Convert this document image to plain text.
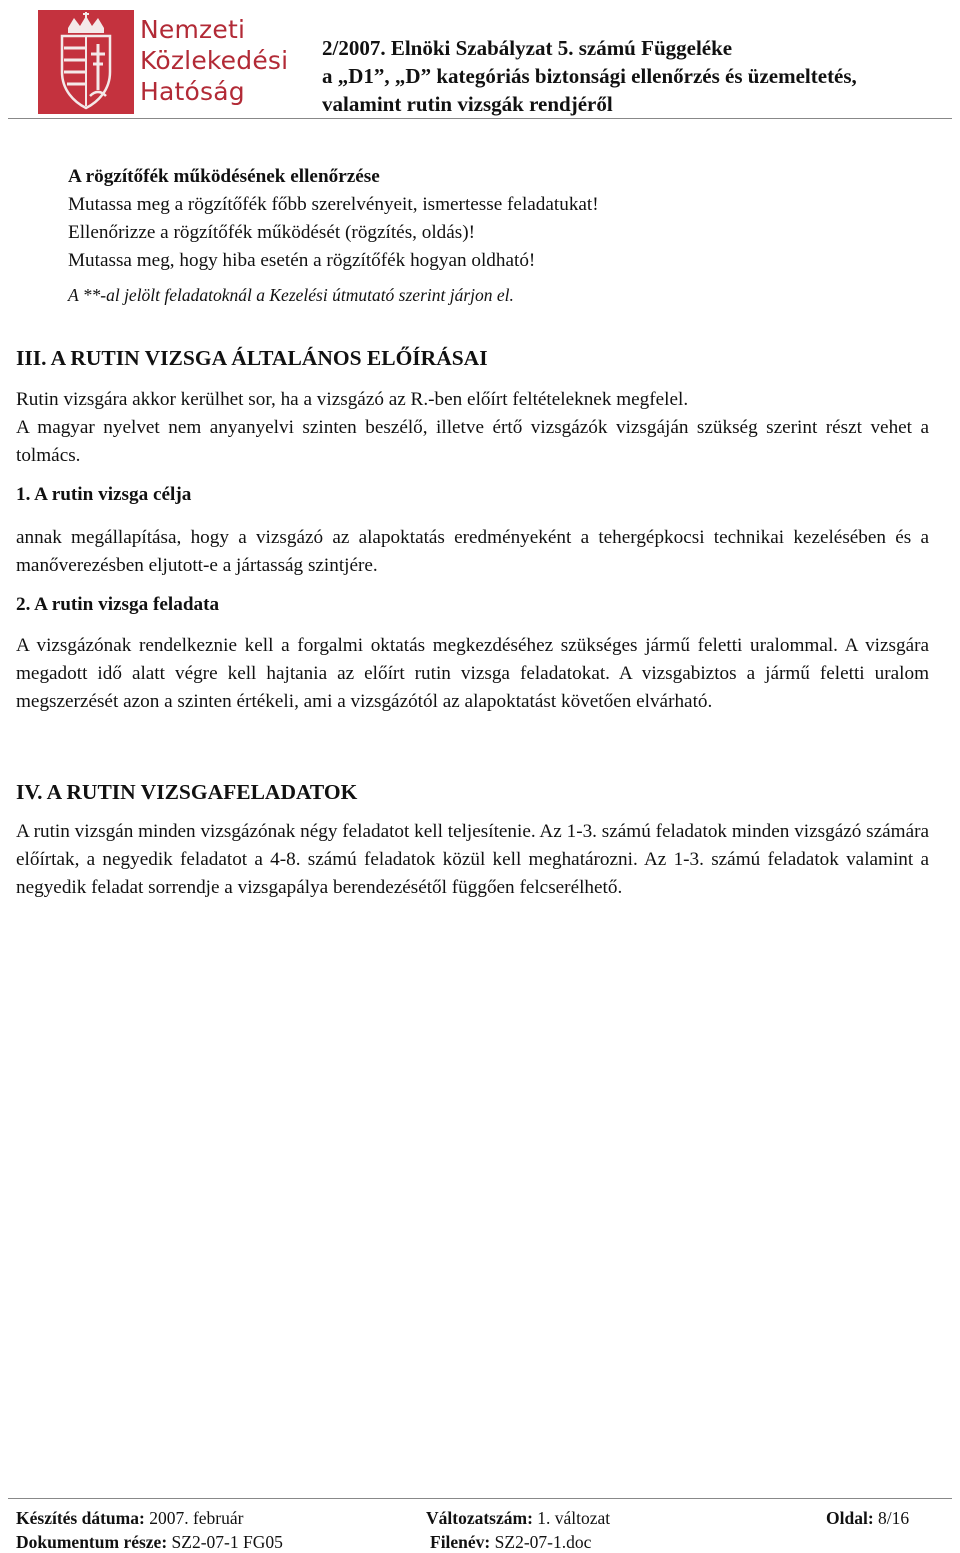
Nemzeti
Közlekedési
Hatóság
2/2007. Elnöki Szabályzat 5. számú Függeléke
a „D1”, „D” kategóriás biztonsági ellenőrzés és üzemeltetés,
valamint rutin vizsgák rendjéről

A rögzítőfék működésének ellenőrzése

Mutassa meg a rögzítőfék főbb szerelvényeit, ismertesse feladatukat!

Ellenőrizze a rögzítőfék működését (rögzítés, oldás)!

Mutassa meg, hogy hiba esetén a rögzítőfék hogyan oldható!

A **-al jelölt feladatoknál a Kezelési útmutató szerint járjon el.

III. A RUTIN VIZSGA ÁLTALÁNOS ELŐÍRÁSAI
Rutin vizsgára akkor kerülhet sor, ha a vizsgázó az R.-ben előírt feltételeknek megfelel.
A magyar nyelvet nem anyanyelvi szinten beszélő, illetve értő vizsgázók vizsgáján szükség szerint részt vehet a tolmács.
1. A rutin vizsga célja
annak megállapítása, hogy a vizsgázó az alapoktatás eredményeként a tehergépkocsi technikai kezelésében és a manőverezésben eljutott-e a jártasság szintjére.
2. A rutin vizsga feladata
A vizsgázónak rendelkeznie kell a forgalmi oktatás megkezdéséhez szükséges jármű feletti uralommal. A vizsgára megadott idő alatt végre kell hajtania az előírt rutin vizsga feladatokat. A vizsgabiztos a jármű feletti uralom megszerzését azon a szinten értékeli, ami a vizsgázótól az alapoktatást követően elvárható.
IV. A RUTIN VIZSGAFELADATOK
A rutin vizsgán minden vizsgázónak négy feladatot kell teljesítenie. Az 1-3. számú feladatok minden vizsgázó számára előírtak, a negyedik feladatot a 4-8. számú feladatok közül kell meghatározni. Az 1-3. számú feladatok valamint a negyedik feladat sorrendje a vizsgapálya berendezésétől függően felcserélhető.
Készítés dátuma: 2007. február	Változatszám: 1. változat	Oldal: 8/16
Dokumentum része: SZ2-07-1 FG05	Filenév: SZ2-07-1.doc
